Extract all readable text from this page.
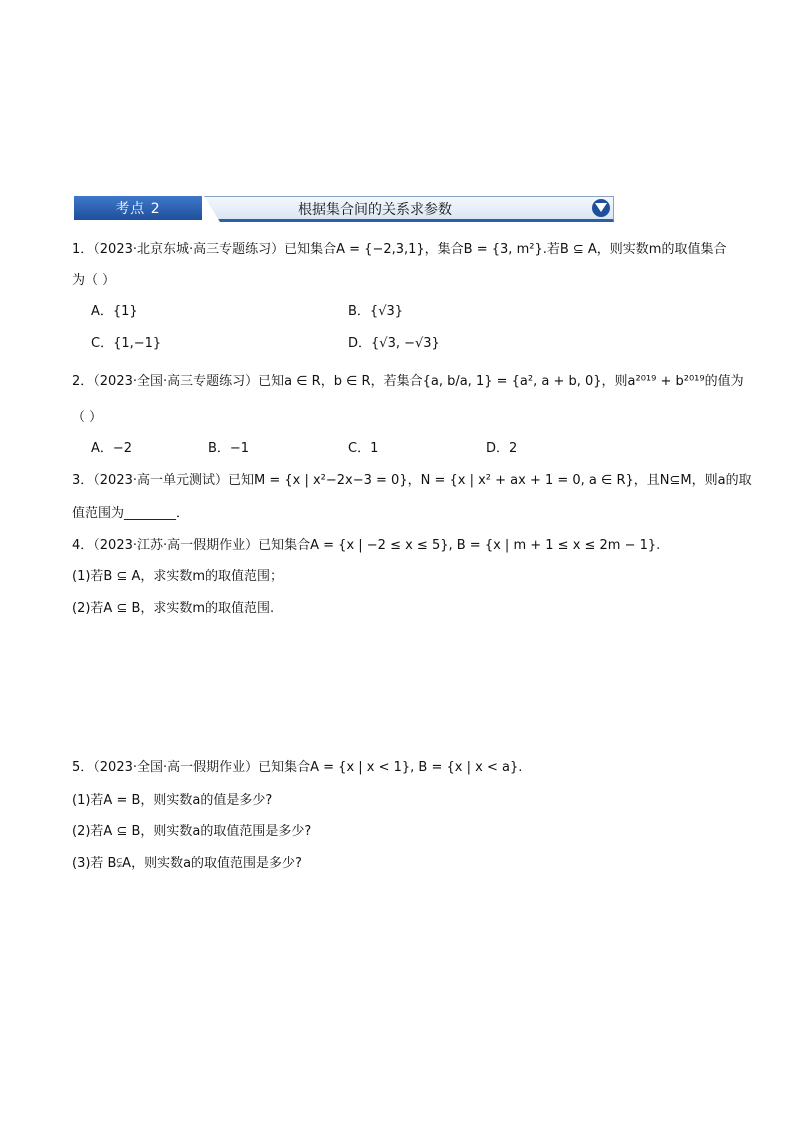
考点 2	根据集合间的关系求参数
1．（2023·北京东城·高三专题练习）已知集合A = {−2,3,1}，集合B = {3, m²}.若B ⊆ A，则实数m的取值集合
为（ ）
A．{1}	B．{√3}
C．{1,−1}	D．{√3, −√3}
2．（2023·全国·高三专题练习）已知a ∈ R，b ∈ R，若集合{a, b/a, 1} = {a², a + b, 0}，则a²⁰¹⁹ + b²⁰¹⁹的值为
（ ）
A．−2	B．−1	C．1	D．2
3．（2023·高一单元测试）已知M = {x | x²−2x−3 = 0}，N = {x | x² + ax + 1 = 0, a ∈ R}，且N⊆M，则a的取
值范围为________．
4．（2023·江苏·高一假期作业）已知集合A = {x | −2 ≤ x ≤ 5}, B = {x | m + 1 ≤ x ≤ 2m − 1}.
(1)若B ⊆ A，求实数m的取值范围；
(2)若A ⊆ B，求实数m的取值范围.
5．（2023·全国·高一假期作业）已知集合A = {x | x < 1}, B = {x | x < a}.
(1)若A = B，则实数a的值是多少?
(2)若A ⊆ B，则实数a的取值范围是多少?
(3)若 B⫋A，则实数a的取值范围是多少?
